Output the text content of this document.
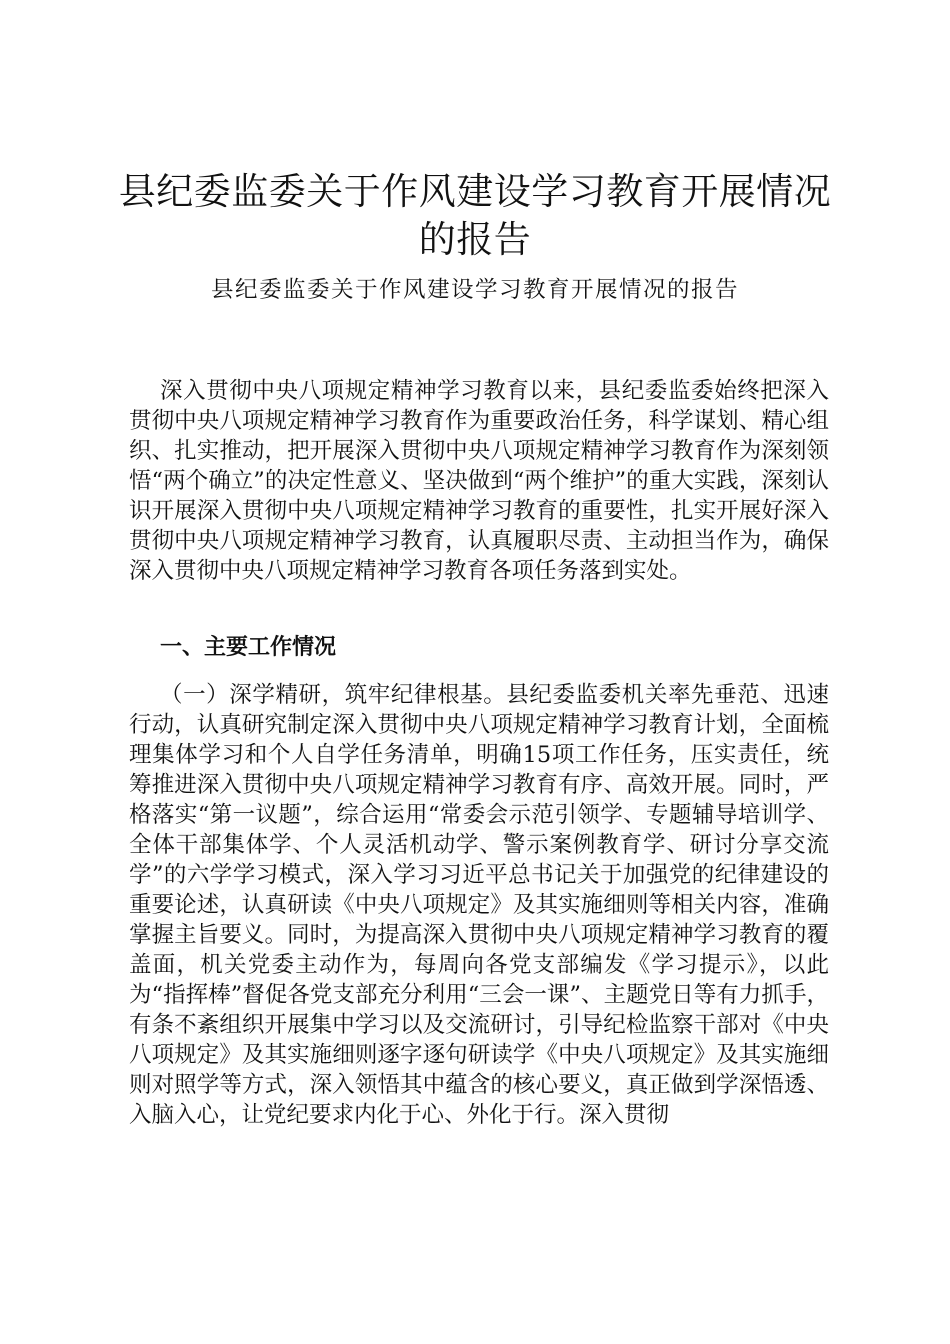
县纪委监委关于作风建设学习教育开展情况的报告
县纪委监委关于作风建设学习教育开展情况的报告

深入贯彻中央八项规定精神学习教育以来，县纪委监委始终把深入贯彻中央八项规定精神学习教育作为重要政治任务，科学谋划、精心组织、扎实推动，把开展深入贯彻中央八项规定精神学习教育作为深刻领悟“两个确立”的决定性意义、坚决做到“两个维护”的重大实践，深刻认识开展深入贯彻中央八项规定精神学习教育的重要性，扎实开展好深入贯彻中央八项规定精神学习教育，认真履职尽责、主动担当作为，确保深入贯彻中央八项规定精神学习教育各项任务落到实处。

一、主要工作情况

（一）深学精研，筑牢纪律根基。县纪委监委机关率先垂范、迅速行动，认真研究制定深入贯彻中央八项规定精神学习教育计划，全面梳理集体学习和个人自学任务清单，明确15项工作任务，压实责任，统筹推进深入贯彻中央八项规定精神学习教育有序、高效开展。同时，严格落实“第一议题”，综合运用“常委会示范引领学、专题辅导培训学、全体干部集体学、个人灵活机动学、警示案例教育学、研讨分享交流学”的六学学习模式，深入学习习近平总书记关于加强党的纪律建设的重要论述，认真研读《中央八项规定》及其实施细则等相关内容，准确掌握主旨要义。同时，为提高深入贯彻中央八项规定精神学习教育的覆盖面，机关党委主动作为，每周向各党支部编发《学习提示》，以此为“指挥棒”督促各党支部充分利用“三会一课”、主题党日等有力抓手，有条不紊组织开展集中学习以及交流研讨，引导纪检监察干部对《中央八项规定》及其实施细则逐字逐句研读学《中央八项规定》及其实施细则对照学等方式，深入领悟其中蕴含的核心要义，真正做到学深悟透、入脑入心，让党纪要求内化于心、外化于行。深入贯彻
